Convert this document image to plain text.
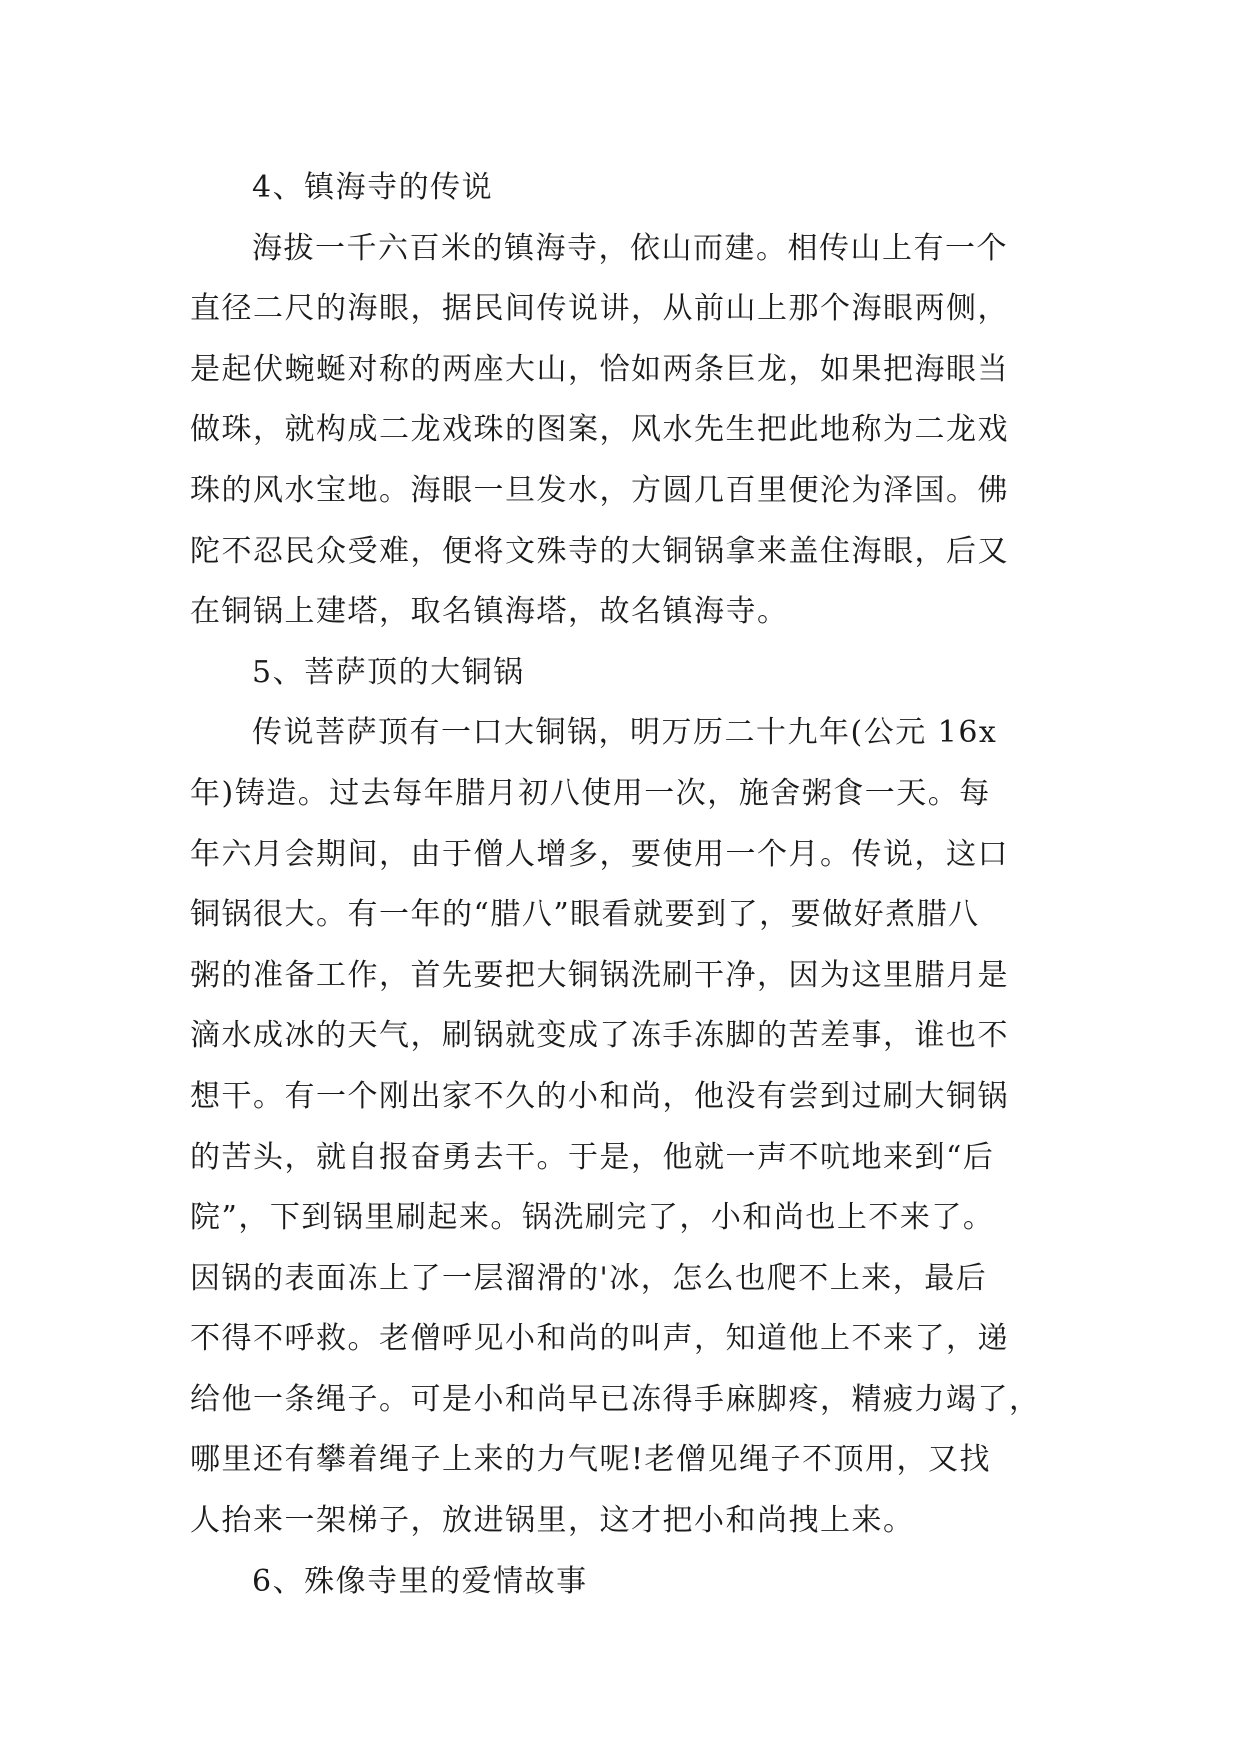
4、镇海寺的传说
海拔一千六百米的镇海寺，依山而建。相传山上有一个
直径二尺的海眼，据民间传说讲，从前山上那个海眼两侧，
是起伏蜿蜒对称的两座大山，恰如两条巨龙，如果把海眼当
做珠，就构成二龙戏珠的图案，风水先生把此地称为二龙戏
珠的风水宝地。海眼一旦发水，方圆几百里便沦为泽国。佛
陀不忍民众受难，便将文殊寺的大铜锅拿来盖住海眼，后又
在铜锅上建塔，取名镇海塔，故名镇海寺。
5、菩萨顶的大铜锅
传说菩萨顶有一口大铜锅，明万历二十九年(公元 16x
年)铸造。过去每年腊月初八使用一次，施舍粥食一天。每
年六月会期间，由于僧人增多，要使用一个月。传说，这口
铜锅很大。有一年的“腊八”眼看就要到了，要做好煮腊八
粥的准备工作，首先要把大铜锅洗刷干净，因为这里腊月是
滴水成冰的天气，刷锅就变成了冻手冻脚的苦差事，谁也不
想干。有一个刚出家不久的小和尚，他没有尝到过刷大铜锅
的苦头，就自报奋勇去干。于是，他就一声不吭地来到“后
院”，下到锅里刷起来。锅洗刷完了，小和尚也上不来了。
因锅的表面冻上了一层溜滑的'冰，怎么也爬不上来，最后
不得不呼救。老僧呼见小和尚的叫声，知道他上不来了，递
给他一条绳子。可是小和尚早已冻得手麻脚疼，精疲力竭了，
哪里还有攀着绳子上来的力气呢!老僧见绳子不顶用，又找
人抬来一架梯子，放进锅里，这才把小和尚拽上来。
6、殊像寺里的爱情故事
